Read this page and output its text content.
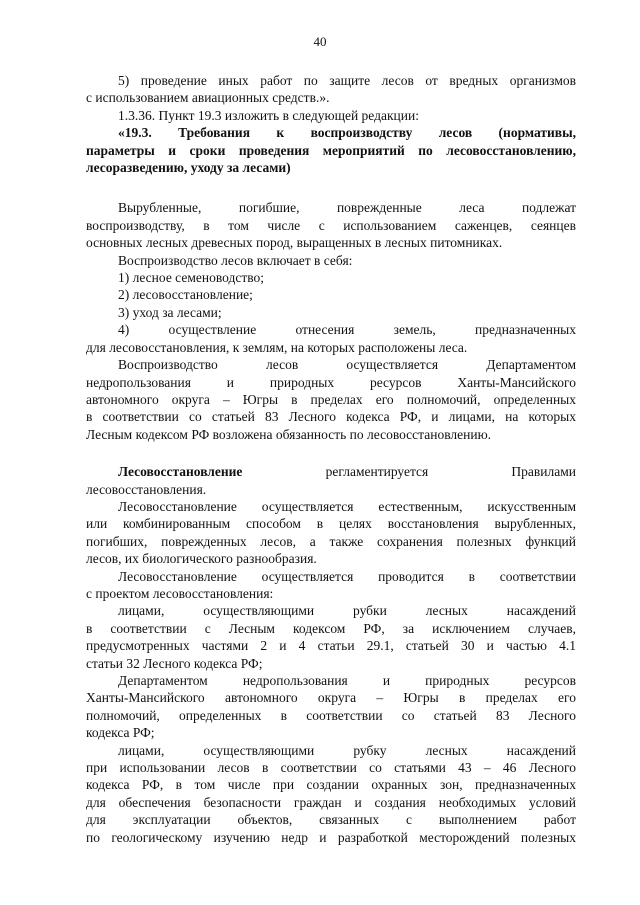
40
5) проведение иных работ по защите лесов от вредных организмов
с использованием авиационных средств.».
1.3.36. Пункт 19.3 изложить в следующей редакции:
«19.3. Требования к воспроизводству лесов (нормативы,
параметры и сроки проведения мероприятий по лесовосстановлению,
лесоразведению, уходу за лесами)
Вырубленные, погибшие, поврежденные леса подлежат
воспроизводству, в том числе с использованием саженцев, сеянцев
основных лесных древесных пород, выращенных в лесных питомниках.
Воспроизводство лесов включает в себя:
1) лесное семеноводство;
2) лесовосстановление;
3) уход за лесами;
4) осуществление отнесения земель, предназначенных
для лесовосстановления, к землям, на которых расположены леса.
Воспроизводство лесов осуществляется Департаментом
недропользования и природных ресурсов Ханты-Мансийского
автономного округа – Югры в пределах его полномочий, определенных
в соответствии со статьей 83 Лесного кодекса РФ, и лицами, на которых
Лесным кодексом РФ возложена обязанность по лесовосстановлению.
Лесовосстановление регламентируется Правилами
лесовосстановления.
Лесовосстановление осуществляется естественным, искусственным
или комбинированным способом в целях восстановления вырубленных,
погибших, поврежденных лесов, а также сохранения полезных функций
лесов, их биологического разнообразия.
Лесовосстановление осуществляется проводится в соответствии
с проектом лесовосстановления:
лицами, осуществляющими рубки лесных насаждений
в соответствии с Лесным кодексом РФ, за исключением случаев,
предусмотренных частями 2 и 4 статьи 29.1, статьей 30 и частью 4.1
статьи 32 Лесного кодекса РФ;
Департаментом недропользования и природных ресурсов
Ханты-Мансийского автономного округа – Югры в пределах его
полномочий, определенных в соответствии со статьей 83 Лесного
кодекса РФ;
лицами, осуществляющими рубку лесных насаждений
при использовании лесов в соответствии со статьями 43 – 46 Лесного
кодекса РФ, в том числе при создании охранных зон, предназначенных
для обеспечения безопасности граждан и создания необходимых условий
для эксплуатации объектов, связанных с выполнением работ
по геологическому изучению недр и разработкой месторождений полезных
